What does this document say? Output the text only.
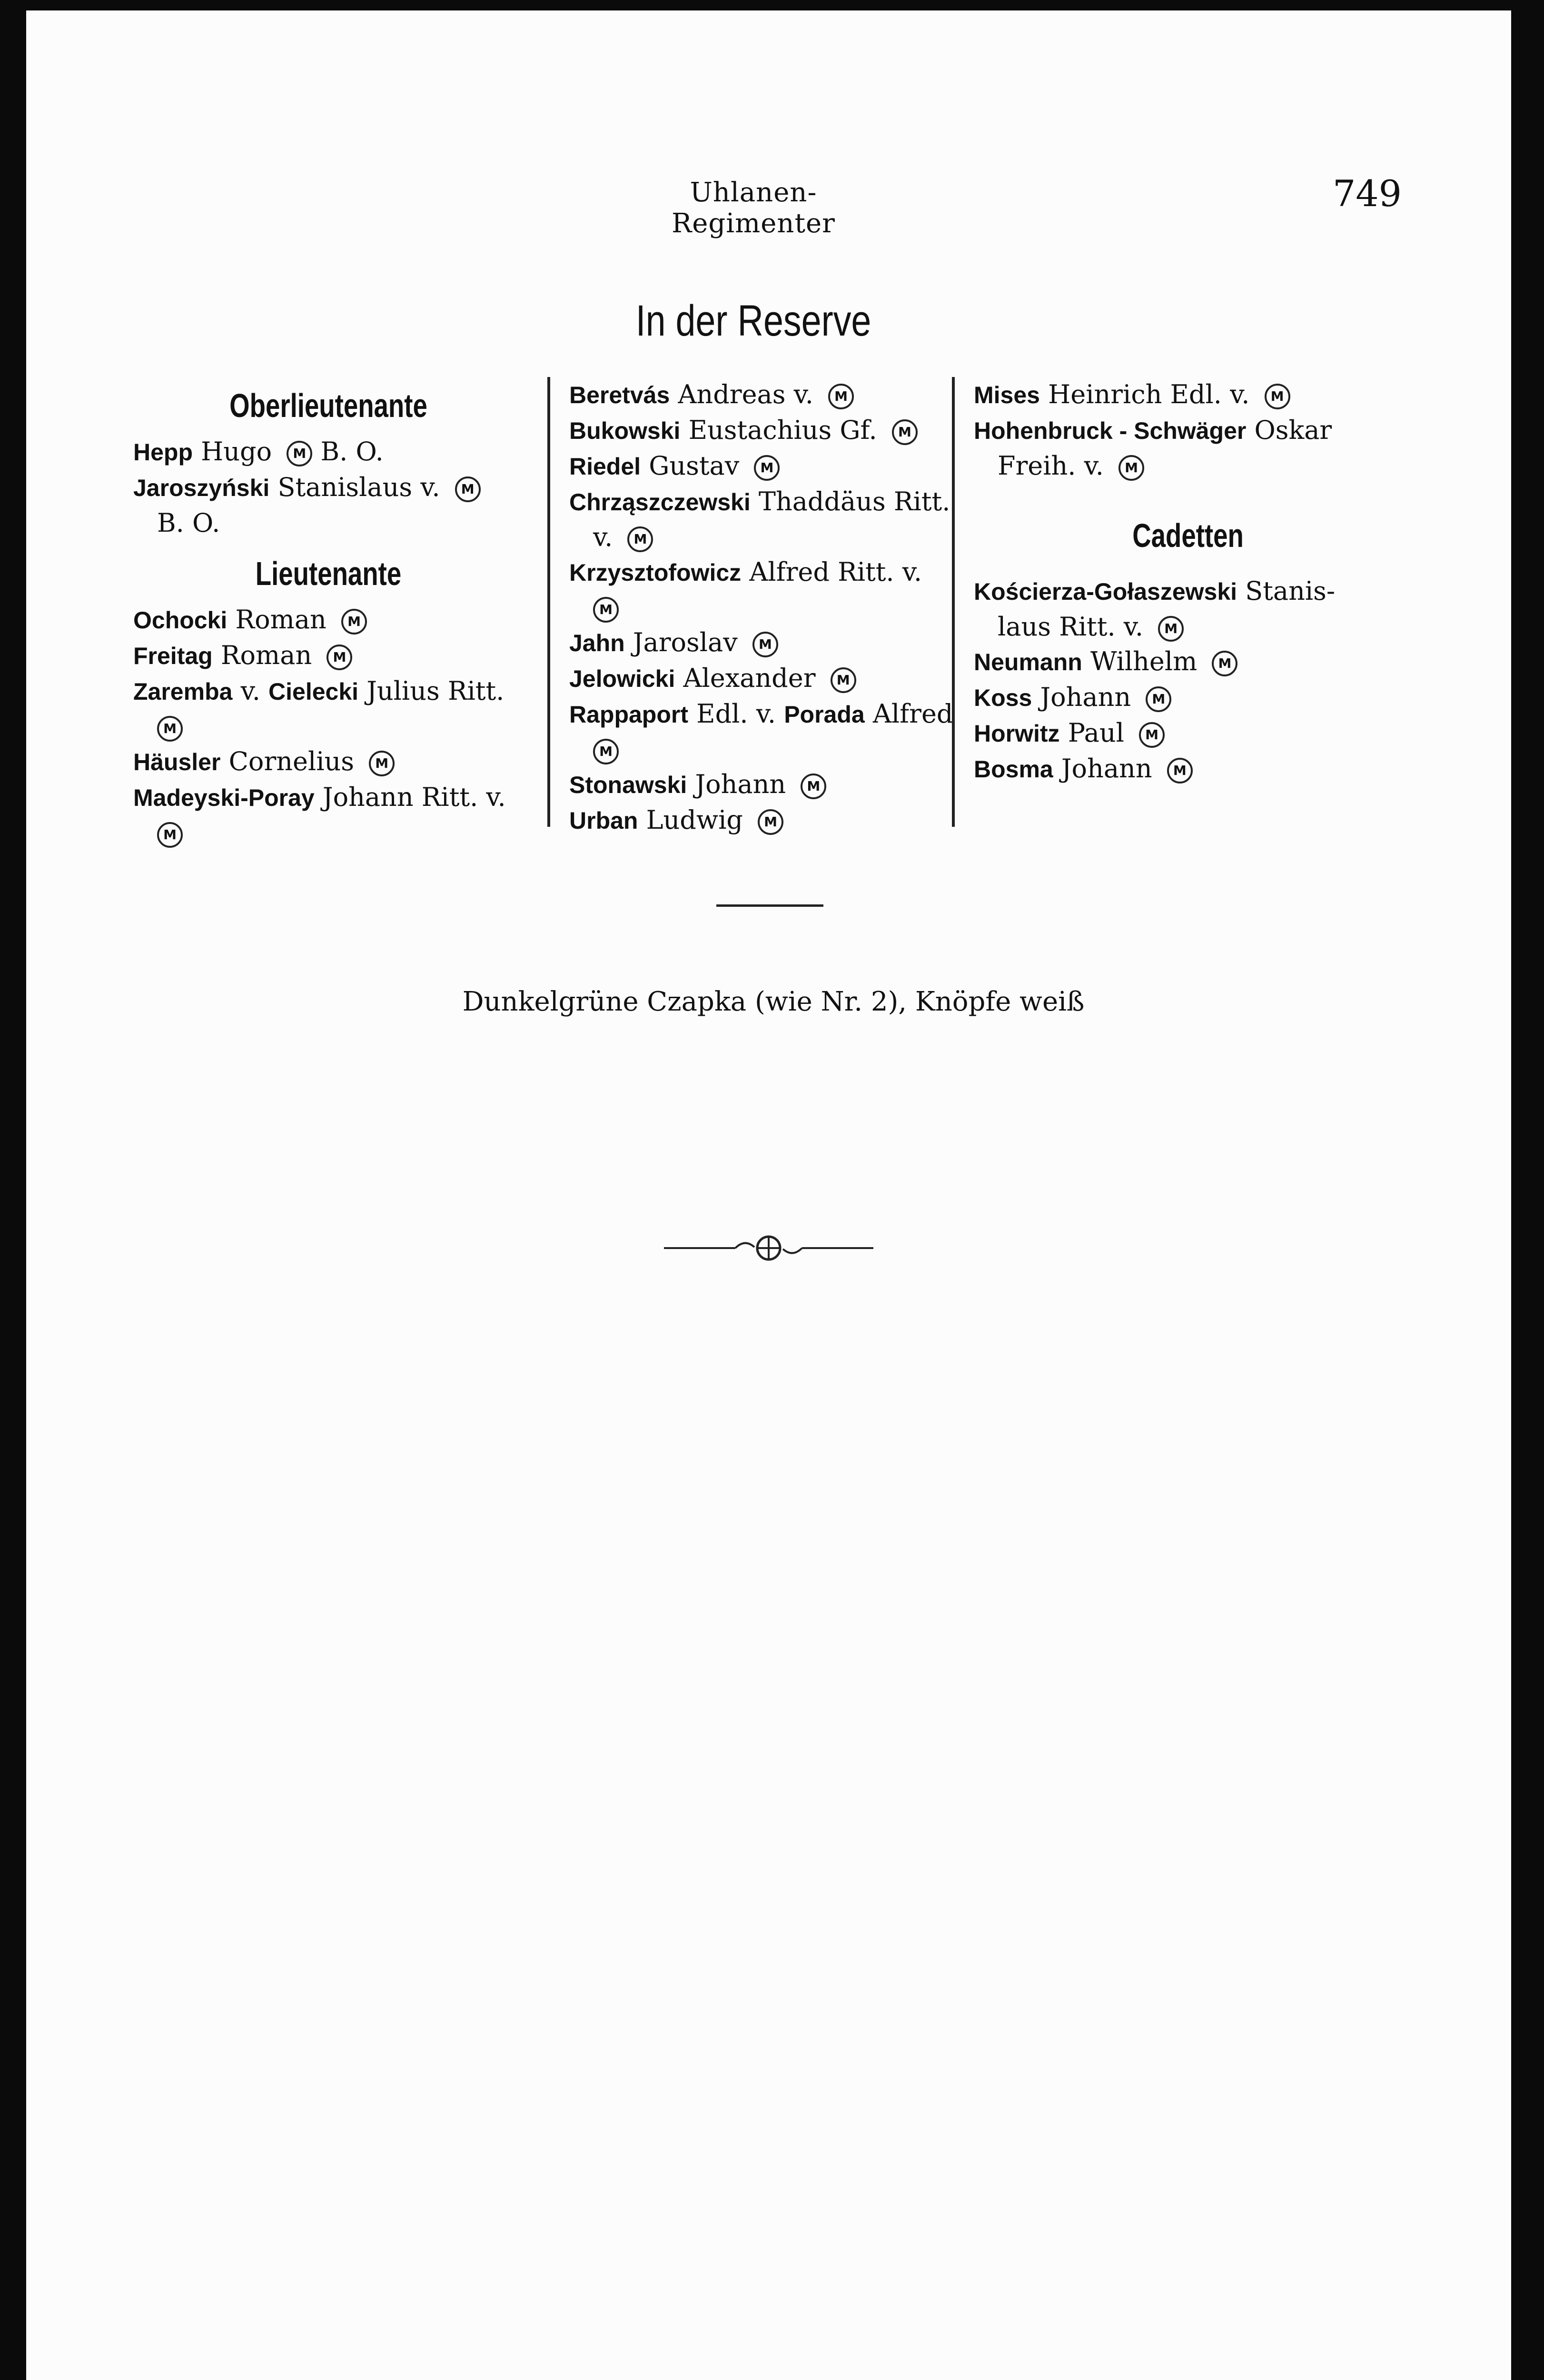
Uhlanen-Regimenter
749
In der Reserve
Oberlieutenante
Hepp Hugo M B. O.
Jaroszyński Stanislaus v. M
B. O.
Lieutenante
Ochocki Roman M
Freitag Roman M
Zaremba v. Cielecki Julius Ritt.
M
Häusler Cornelius M
Madeyski-Poray Johann Ritt. v.
M
Beretvás Andreas v. M
Bukowski Eustachius Gf. M
Riedel Gustav M
Chrząszczewski Thaddäus Ritt.
v. M
Krzysztofowicz Alfred Ritt. v.
M
Jahn Jaroslav M
Jelowicki Alexander M
Rappaport Edl. v. Porada Alfred
M
Stonawski Johann M
Urban Ludwig M
Mises Heinrich Edl. v. M
Hohenbruck - Schwäger Oskar
Freih. v. M
Cadetten
Kościerza-Gołaszewski Stanis-
laus Ritt. v. M
Neumann Wilhelm M
Koss Johann M
Horwitz Paul M
Bosma Johann M
Dunkelgrüne Czapka (wie Nr. 2), Knöpfe weiß
